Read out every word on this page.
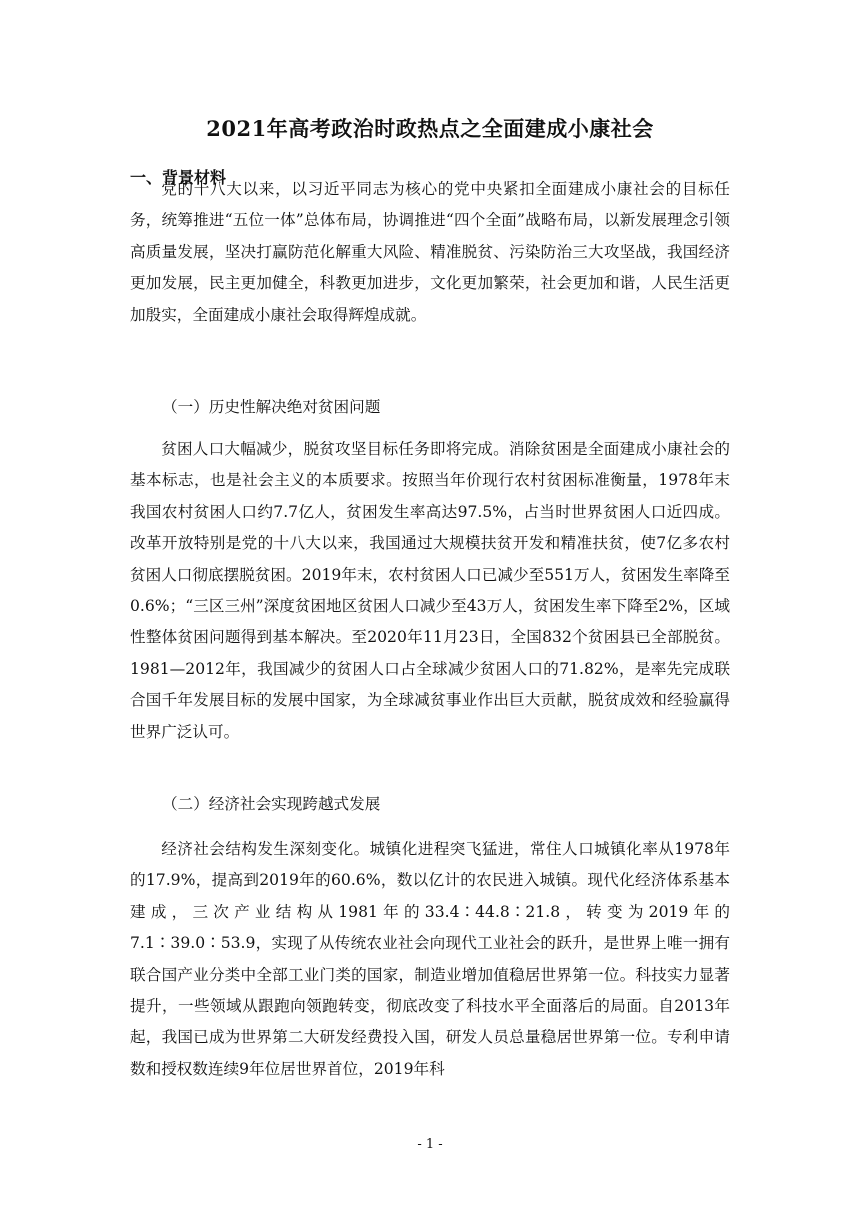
2021年高考政治时政热点之全面建成小康社会
一、背景材料

党的十八大以来，以习近平同志为核心的党中央紧扣全面建成小康社会的目标任务，统筹推进“五位一体”总体布局，协调推进“四个全面”战略布局，以新发展理念引领高质量发展，坚决打赢防范化解重大风险、精准脱贫、污染防治三大攻坚战，我国经济更加发展，民主更加健全，科教更加进步，文化更加繁荣，社会更加和谐，人民生活更加殷实，全面建成小康社会取得辉煌成就。

（一）历史性解决绝对贫困问题

贫困人口大幅减少，脱贫攻坚目标任务即将完成。消除贫困是全面建成小康社会的基本标志，也是社会主义的本质要求。按照当年价现行农村贫困标准衡量，1978年末我国农村贫困人口约7.7亿人，贫困发生率高达97.5%，占当时世界贫困人口近四成。改革开放特别是党的十八大以来，我国通过大规模扶贫开发和精准扶贫，使7亿多农村贫困人口彻底摆脱贫困。2019年末，农村贫困人口已减少至551万人，贫困发生率降至0.6%；“三区三州”深度贫困地区贫困人口减少至43万人，贫困发生率下降至2%，区域性整体贫困问题得到基本解决。至2020年11月23日，全国832个贫困县已全部脱贫。1981—2012年，我国减少的贫困人口占全球减少贫困人口的71.82%，是率先完成联合国千年发展目标的发展中国家，为全球减贫事业作出巨大贡献，脱贫成效和经验赢得世界广泛认可。

（二）经济社会实现跨越式发展

经济社会结构发生深刻变化。城镇化进程突飞猛进，常住人口城镇化率从1978年的17.9%，提高到2019年的60.6%，数以亿计的农民进入城镇。现代化经济体系基本建成，三次产业结构从1981年的33.4∶44.8∶21.8，转变为2019年的7.1∶39.0∶53.9，实现了从传统农业社会向现代工业社会的跃升，是世界上唯一拥有联合国产业分类中全部工业门类的国家，制造业增加值稳居世界第一位。科技实力显著提升，一些领域从跟跑向领跑转变，彻底改变了科技水平全面落后的局面。自2013年起，我国已成为世界第二大研发经费投入国，研发人员总量稳居世界第一位。专利申请数和授权数连续9年位居世界首位，2019年科

- 1 -
